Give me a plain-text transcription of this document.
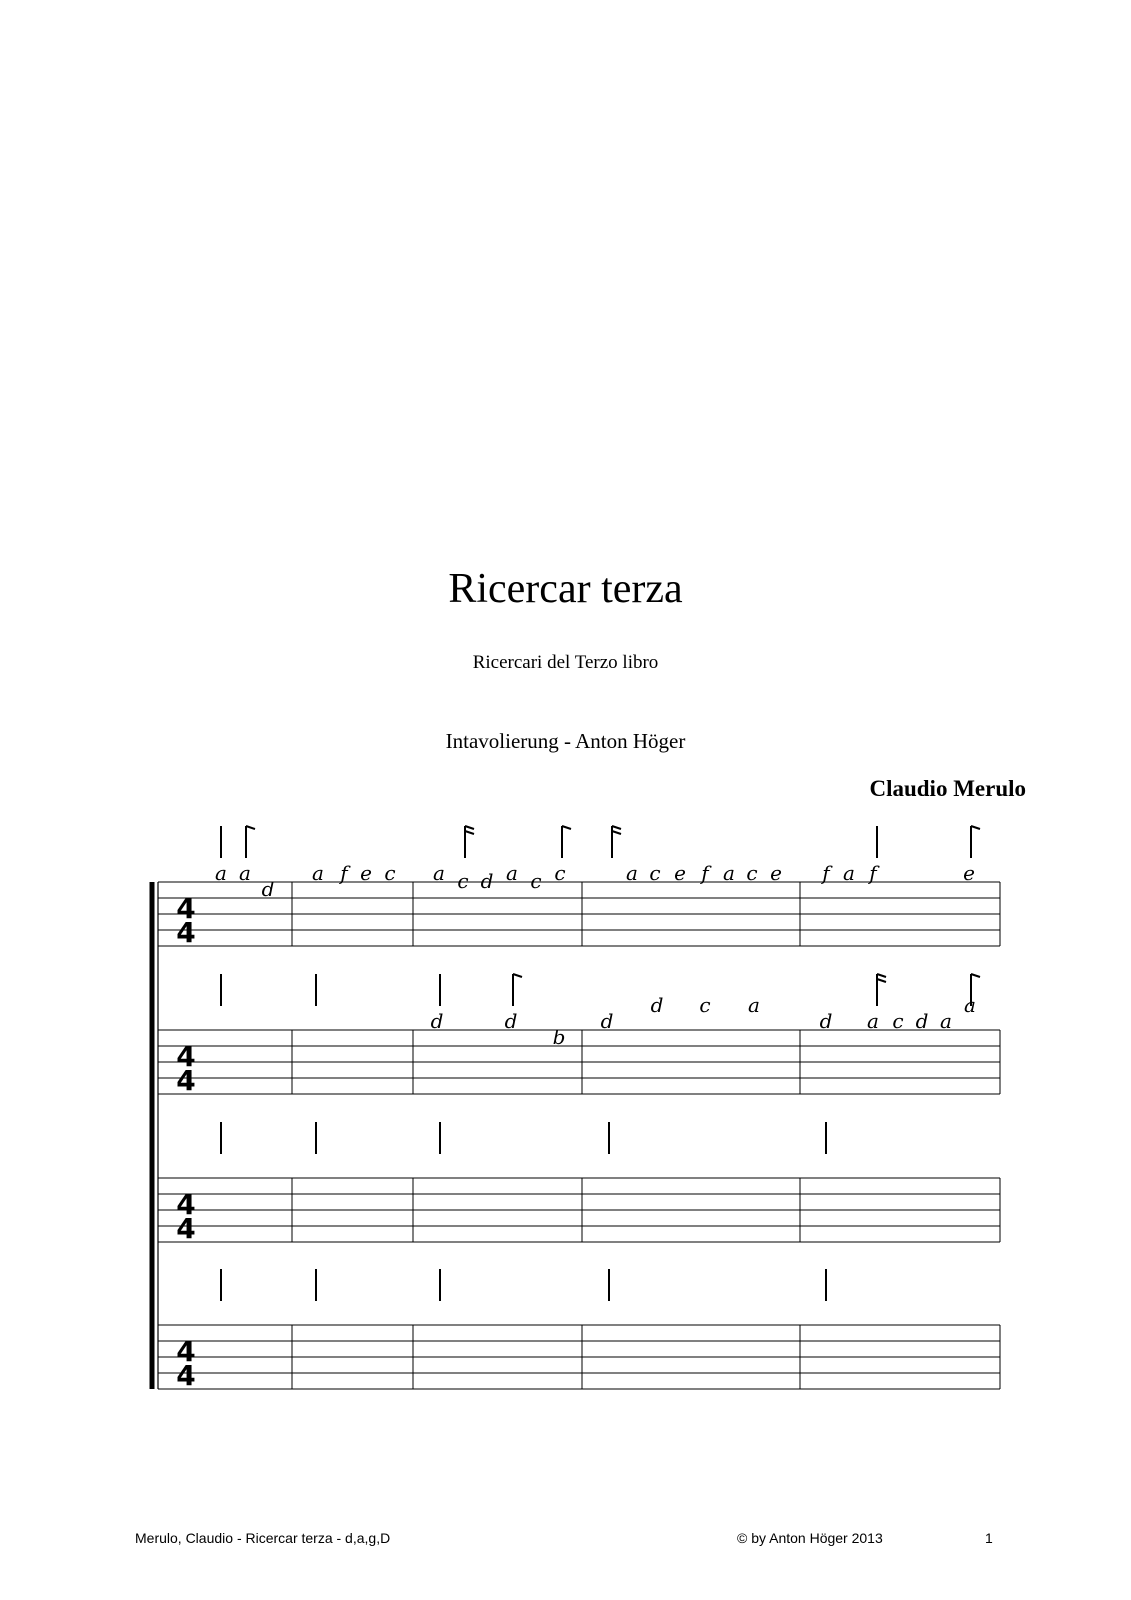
Ricercar terza
Ricercari del Terzo libro
Intavolierung - Anton Höger
Claudio Merulo
4
4
a a
d
a f e c a c d a c c	a c e f a c e f a f	e
4
4
d	d
b
d
d c a
d a c d a
a
4
4
4
4
Merulo, Claudio - Ricercar terza - d,a,g,D	© by Anton Höger 2013	1
